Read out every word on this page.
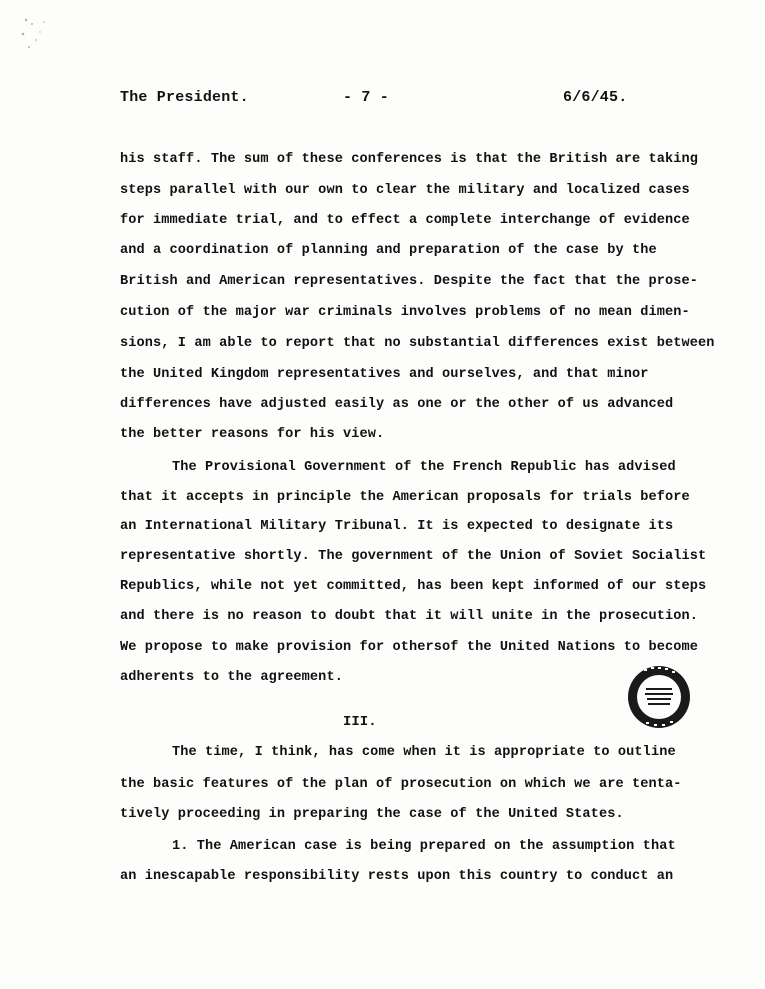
The President.	- 7 -	6/6/45.
his staff. The sum of these conferences is that the British are taking
steps parallel with our own to clear the military and localized cases
for immediate trial, and to effect a complete interchange of evidence
and a coordination of planning and preparation of the case by the
British and American representatives. Despite the fact that the prose-
cution of the major war criminals involves problems of no mean dimen-
sions, I am able to report that no substantial differences exist between
the United Kingdom representatives and ourselves, and that minor
differences have adjusted easily as one or the other of us advanced
the better reasons for his view.
The Provisional Government of the French Republic has advised
that it accepts in principle the American proposals for trials before
an International Military Tribunal. It is expected to designate its
representative shortly. The government of the Union of Soviet Socialist
Republics, while not yet committed, has been kept informed of our steps
and there is no reason to doubt that it will unite in the prosecution.
We propose to make provision for othersof the United Nations to become
adherents to the agreement.
III.
The time, I think, has come when it is appropriate to outline
the basic features of the plan of prosecution on which we are tenta-
tively proceeding in preparing the case of the United States.
1. The American case is being prepared on the assumption that
an inescapable responsibility rests upon this country to conduct an
